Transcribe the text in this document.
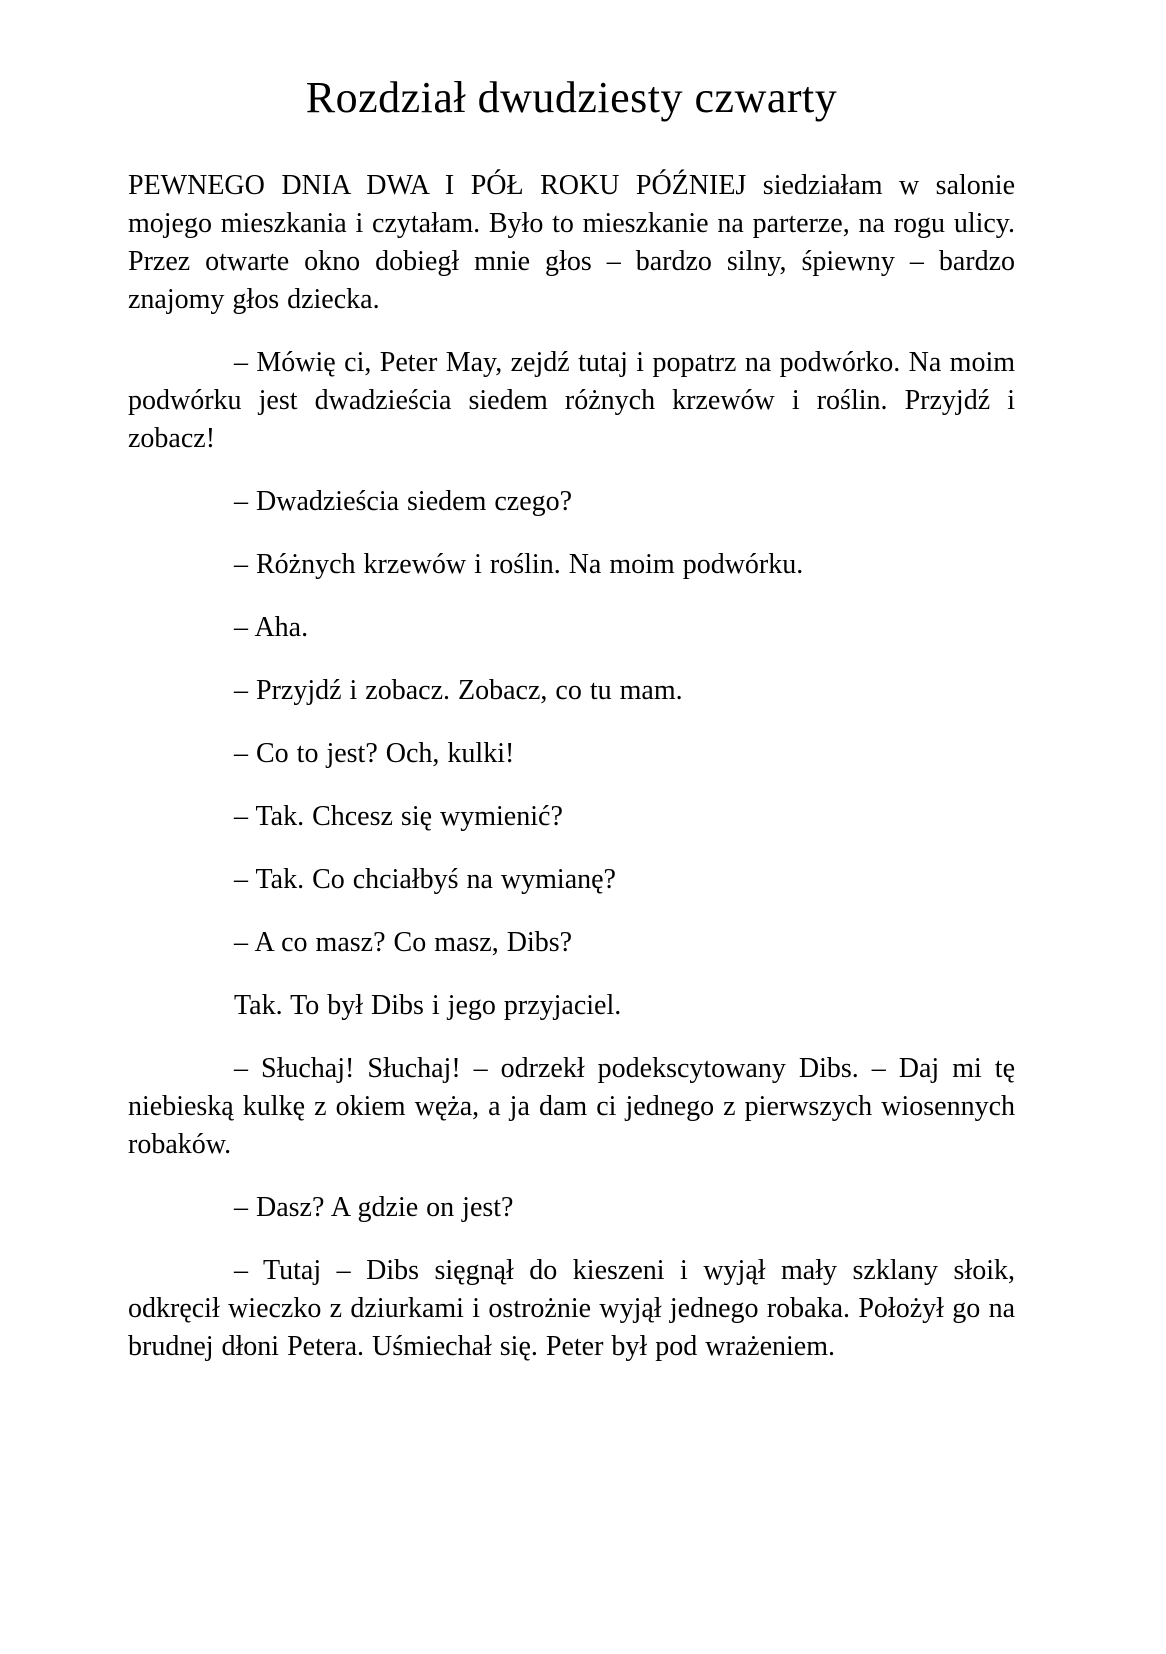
Rozdział dwudziesty czwarty

PEWNEGO DNIA DWA I PÓŁ ROKU PÓŹNIEJ siedziałam w salonie mojego mieszkania i czytałam. Było to mieszkanie na parterze, na rogu ulicy. Przez otwarte okno dobiegł mnie głos – bardzo silny, śpiewny – bardzo znajomy głos dziecka.

– Mówię ci, Peter May, zejdź tutaj i popatrz na podwórko. Na moim podwórku jest dwadzieścia siedem różnych krzewów i roślin. Przyjdź i zobacz!

– Dwadzieścia siedem czego?

– Różnych krzewów i roślin. Na moim podwórku.

– Aha.

– Przyjdź i zobacz. Zobacz, co tu mam.

– Co to jest? Och, kulki!

– Tak. Chcesz się wymienić?

– Tak. Co chciałbyś na wymianę?

– A co masz? Co masz, Dibs?

Tak. To był Dibs i jego przyjaciel.

– Słuchaj! Słuchaj! – odrzekł podekscytowany Dibs. – Daj mi tę niebieską kulkę z okiem węża, a ja dam ci jednego z pierwszych wiosennych robaków.

– Dasz? A gdzie on jest?

– Tutaj – Dibs sięgnął do kieszeni i wyjął mały szklany słoik, odkręcił wieczko z dziurkami i ostrożnie wyjął jednego robaka. Położył go na brudnej dłoni Petera. Uśmiechał się. Peter był pod wrażeniem.
